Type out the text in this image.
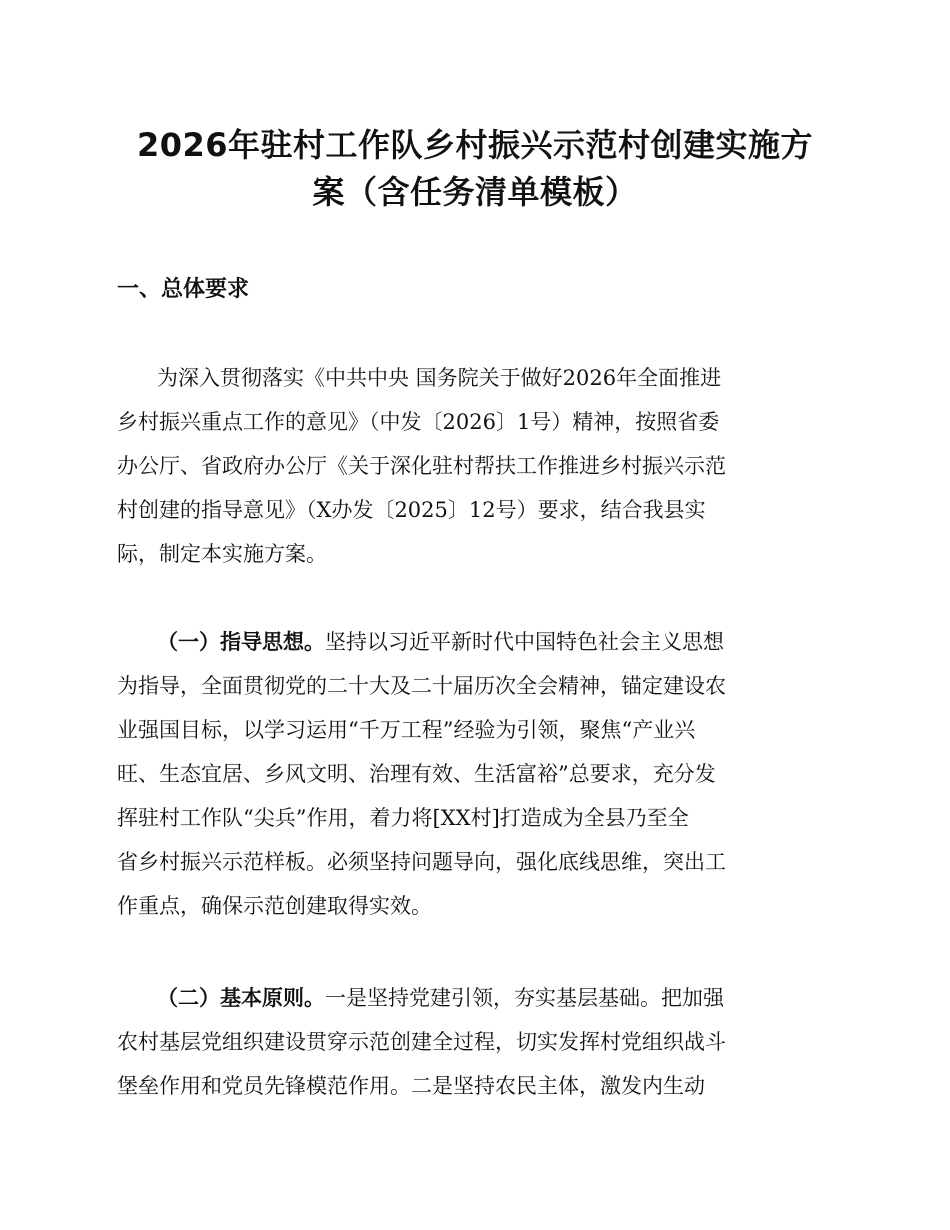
2026年驻村工作队乡村振兴示范村创建实施方
案（含任务清单模板）
一、总体要求
为深入贯彻落实《中共中央 国务院关于做好2026年全面推进
乡村振兴重点工作的意见》（中发〔2026〕1号）精神，按照省委
办公厅、省政府办公厅《关于深化驻村帮扶工作推进乡村振兴示范
村创建的指导意见》（X办发〔2025〕12号）要求，结合我县实
际，制定本实施方案。
（一）指导思想。坚持以习近平新时代中国特色社会主义思想
为指导，全面贯彻党的二十大及二十届历次全会精神，锚定建设农
业强国目标，以学习运用“千万工程”经验为引领，聚焦“产业兴
旺、生态宜居、乡风文明、治理有效、生活富裕”总要求，充分发
挥驻村工作队“尖兵”作用，着力将[XX村]打造成为全县乃至全
省乡村振兴示范样板。必须坚持问题导向，强化底线思维，突出工
作重点，确保示范创建取得实效。
（二）基本原则。一是坚持党建引领，夯实基层基础。把加强
农村基层党组织建设贯穿示范创建全过程，切实发挥村党组织战斗
堡垒作用和党员先锋模范作用。二是坚持农民主体，激发内生动
